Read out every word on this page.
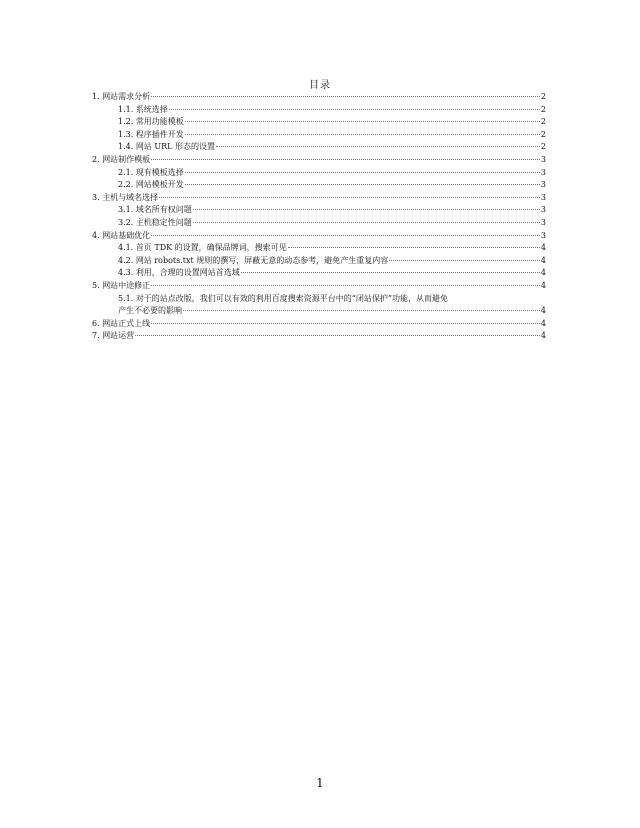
目录
1. 网站需求分析	2
1.1. 系统选择	2
1.2. 常用功能模板	2
1.3. 程序插件开发	2
1.4. 网站 URL 形态的设置	2
2. 网站制作模板	3
2.1. 现有模板选择	3
2.2. 网站模板开发	3
3. 主机与域名选择	3
3.1. 域名所有权问题	3
3.2. 主机稳定性问题	3
4. 网站基础优化	3
4.1. 首页 TDK 的设置，确保品牌词，搜索可见	4
4.2. 网站 robots.txt 规则的撰写，屏蔽无意的动态参考，避免产生重复内容	4
4.3. 利用，合理的设置网站首选域	4
5. 网站中途修正	4
5.1. 对于的站点改版，我们可以有效的利用百度搜索资源平台中的“闭站保护”功能，从而避免
产生不必要的影响	4
6. 网站正式上线	4
7. 网站运营	4
1
